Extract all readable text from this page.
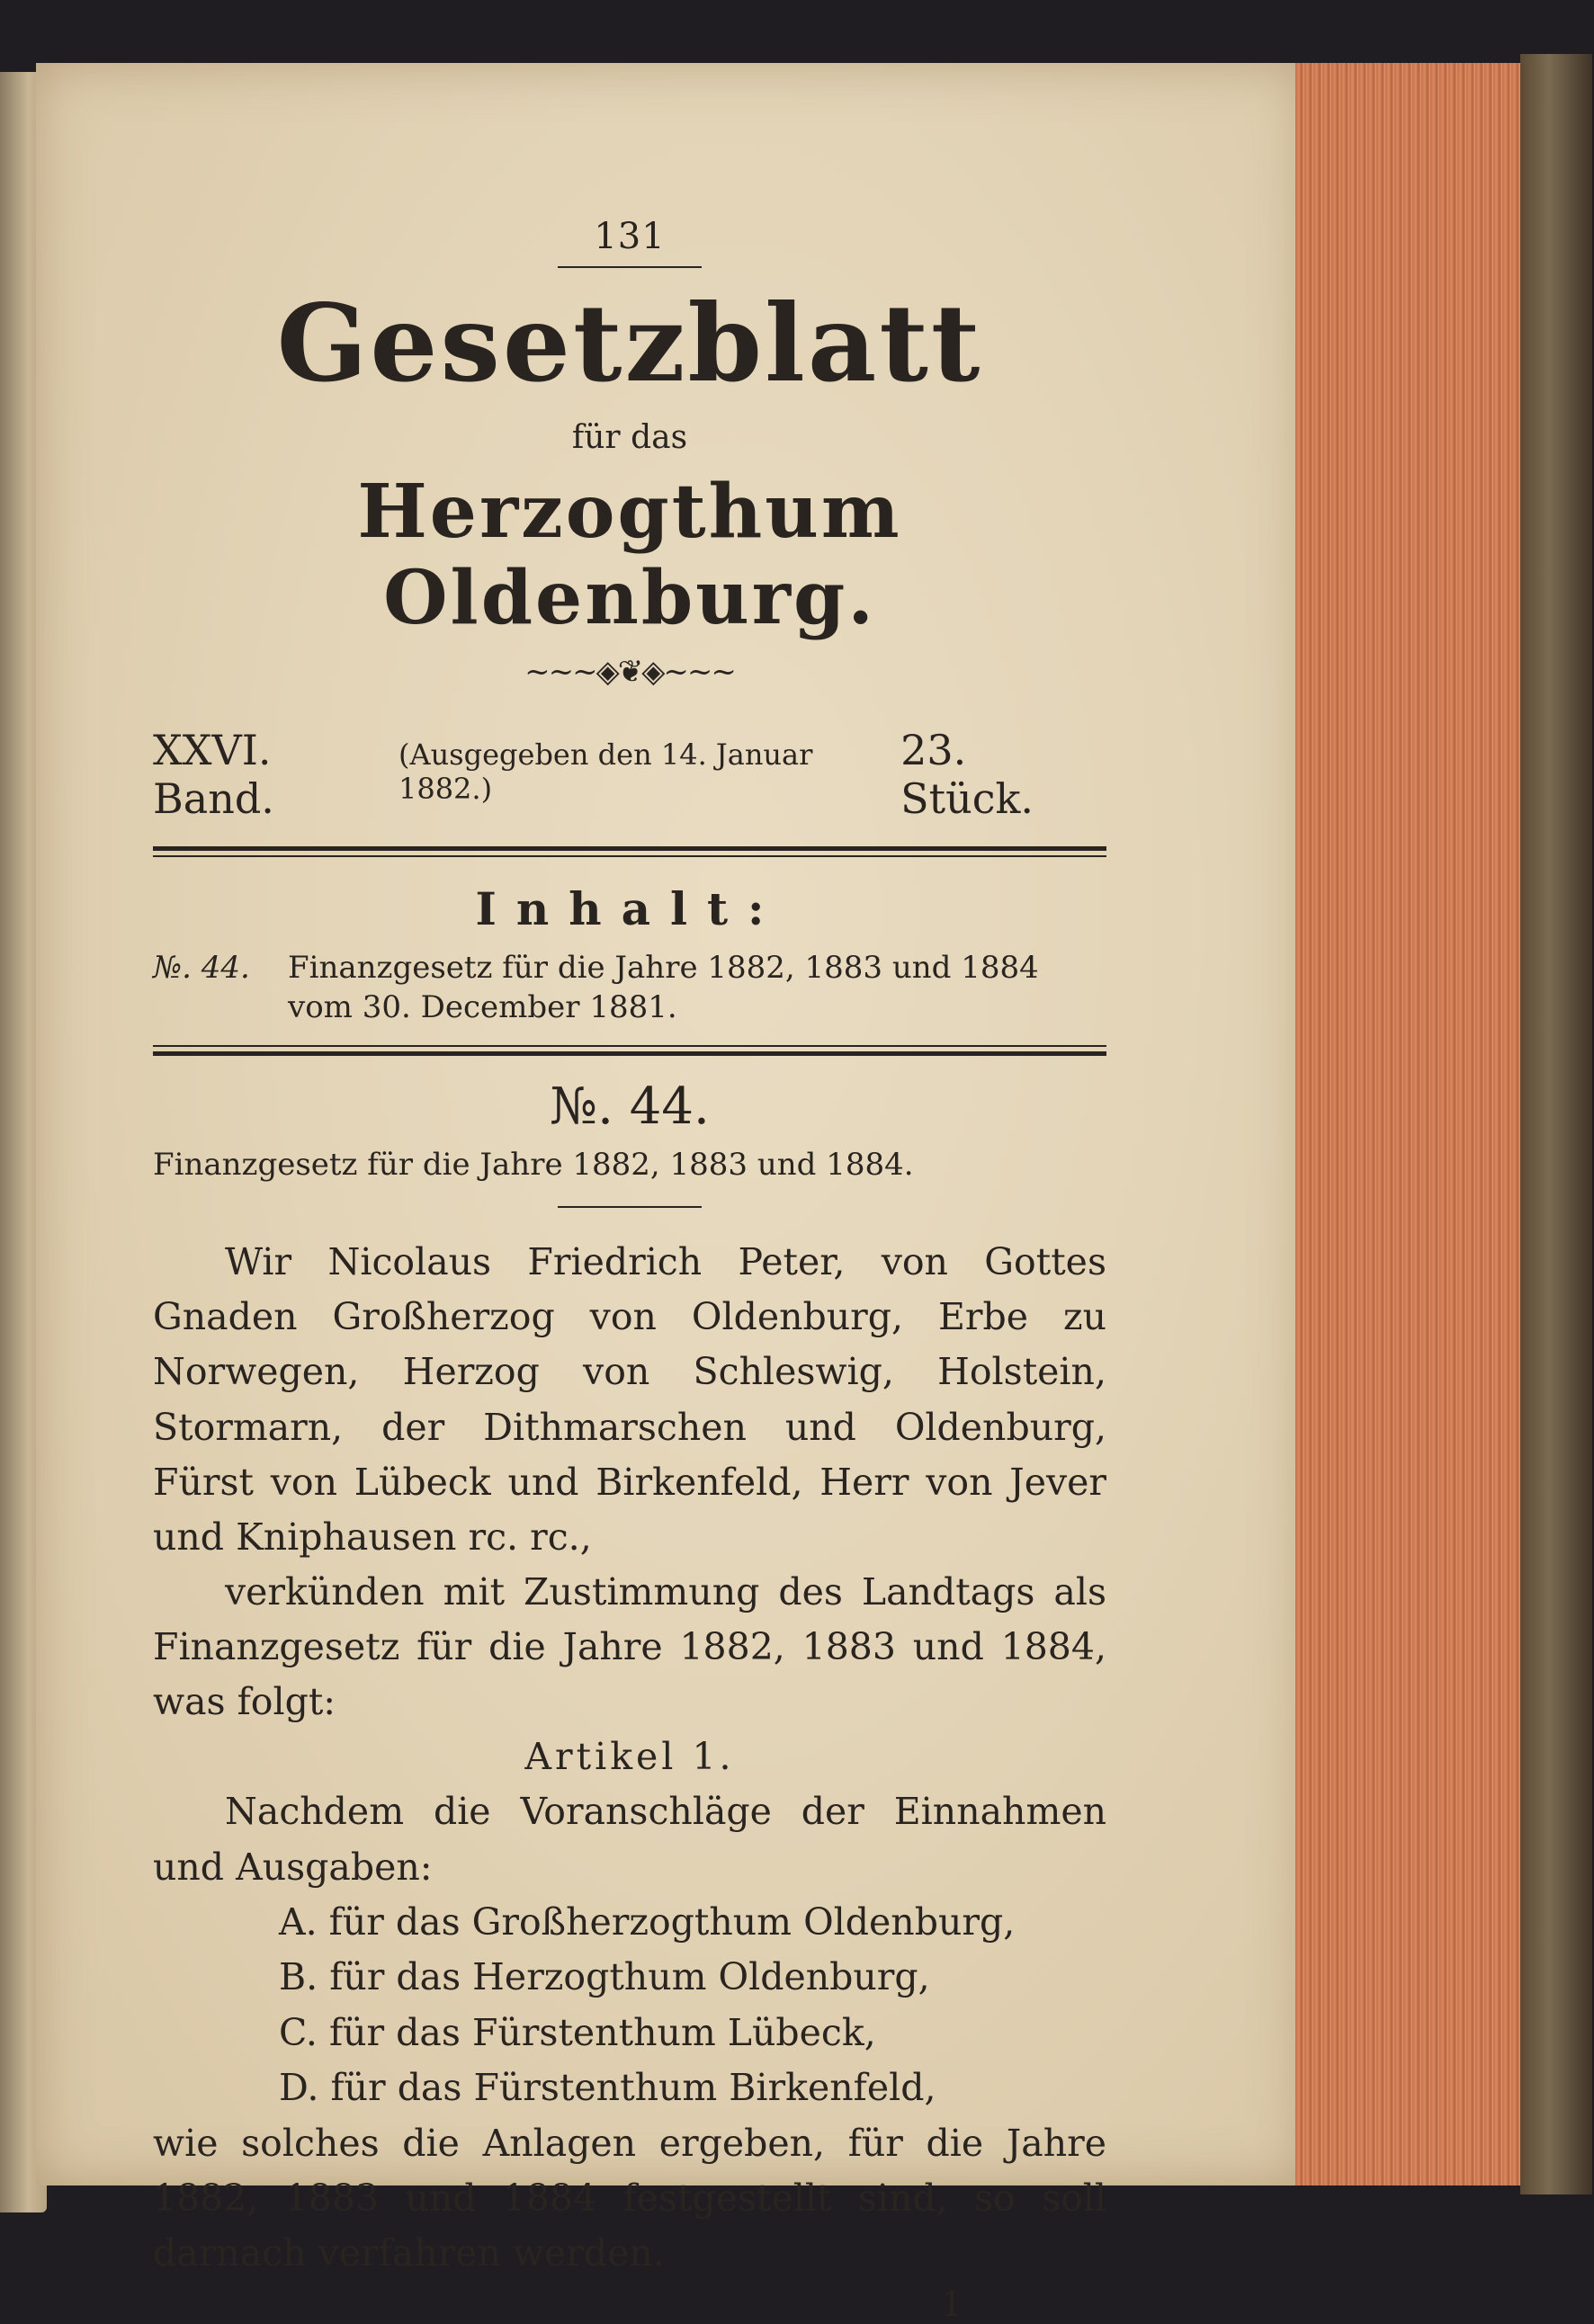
131
Gesetzblatt
für das
Herzogthum Oldenburg.
~~~◈❦◈~~~
XXVI. Band.
(Ausgegeben den 14. Januar 1882.)
23. Stück.
Inhalt:
№. 44.	Finanzgesetz für die Jahre 1882, 1883 und 1884 vom 30. December 1881.
№. 44.
Finanzgesetz für die Jahre 1882, 1883 und 1884.

Wir Nicolaus Friedrich Peter, von Gottes Gnaden Großherzog von Oldenburg, Erbe zu Norwegen, Herzog von Schleswig, Holstein, Stormarn, der Dithmarschen und Oldenburg, Fürst von Lübeck und Birkenfeld, Herr von Jever und Kniphausen rc. rc.,

verkünden mit Zustimmung des Landtags als Finanzgesetz für die Jahre 1882, 1883 und 1884, was folgt:

Artikel 1.

Nachdem die Voranschläge der Einnahmen und Ausgaben:

A. für das Großherzogthum Oldenburg,
B. für das Herzogthum Oldenburg,
C. für das Fürstenthum Lübeck,
D. für das Fürstenthum Birkenfeld,

wie solches die Anlagen ergeben, für die Jahre 1882, 1883 und 1884 festgestellt sind, so soll darnach verfahren werden.

1
